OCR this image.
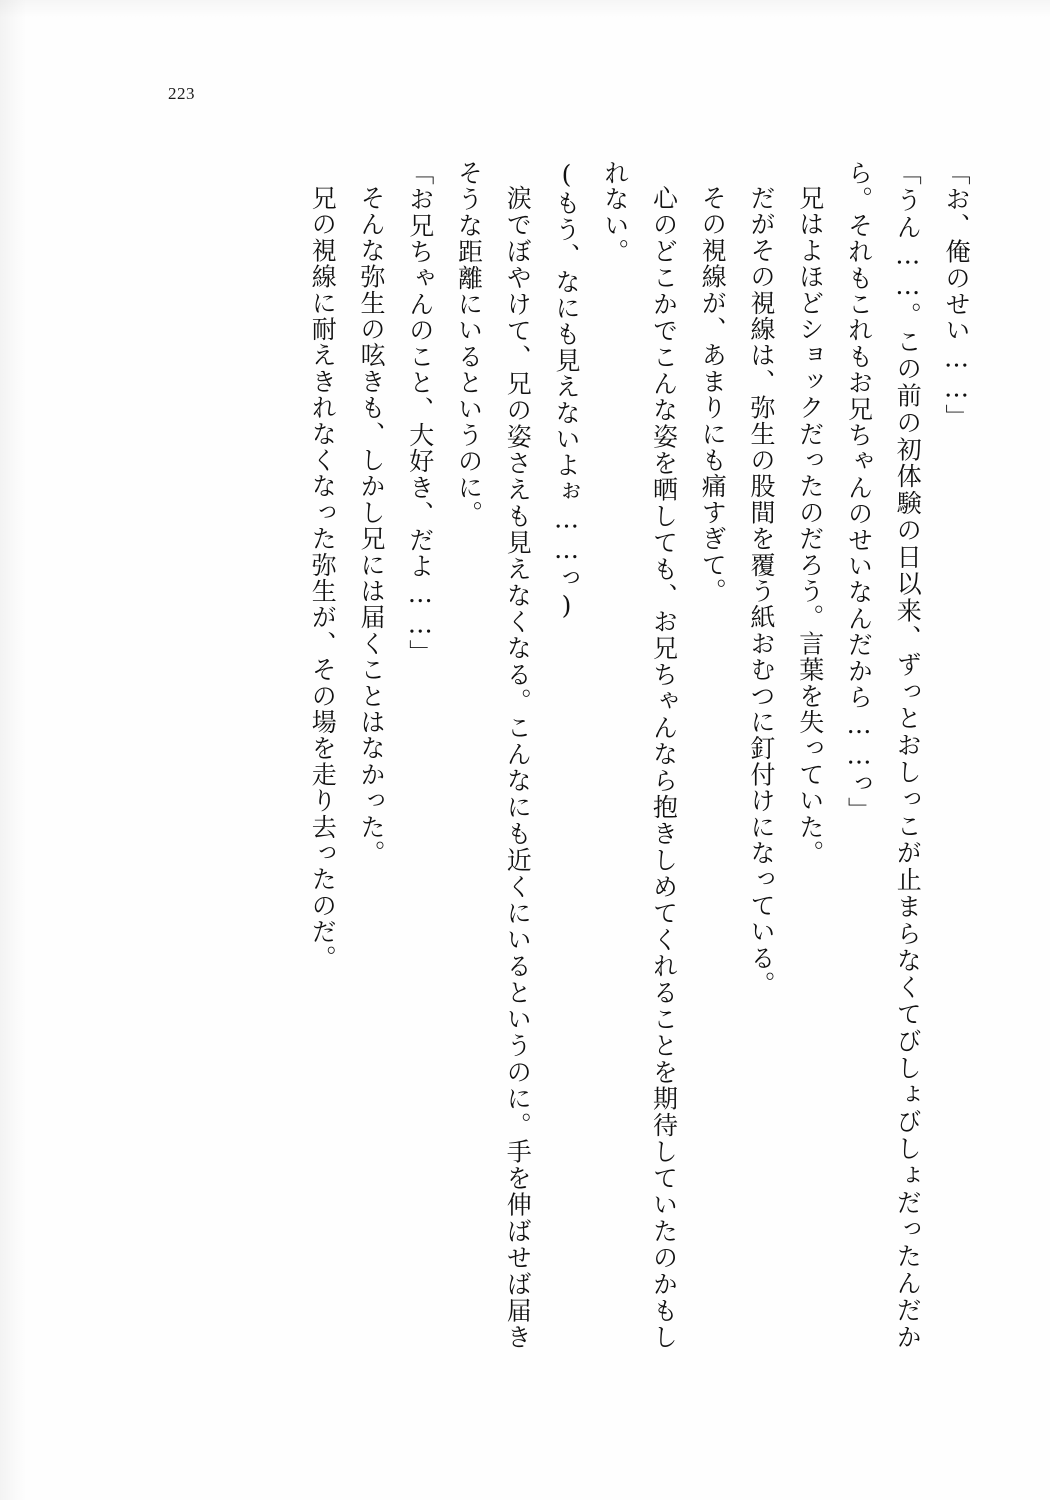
223

「お、俺のせい……」

「うん……。この前の初体験の日以来、ずっとおしっこが止まらなくてびしょびしょだったんだから。それもこれもお兄ちゃんのせいなんだから……っ」

兄はよほどショックだったのだろう。言葉を失っていた。

だがその視線は、弥生の股間を覆う紙おむつに釘付けになっている。

その視線が、あまりにも痛すぎて。

心のどこかでこんな姿を晒しても、お兄ちゃんなら抱きしめてくれることを期待していたのかもしれない。

(もう、なにも見えないよぉ……っ)

涙でぼやけて、兄の姿さえも見えなくなる。こんなにも近くにいるというのに。手を伸ばせば届きそうな距離にいるというのに。

「お兄ちゃんのこと、大好き、だよ……」

そんな弥生の呟きも、しかし兄には届くことはなかった。

兄の視線に耐えきれなくなった弥生が、その場を走り去ったのだ。
